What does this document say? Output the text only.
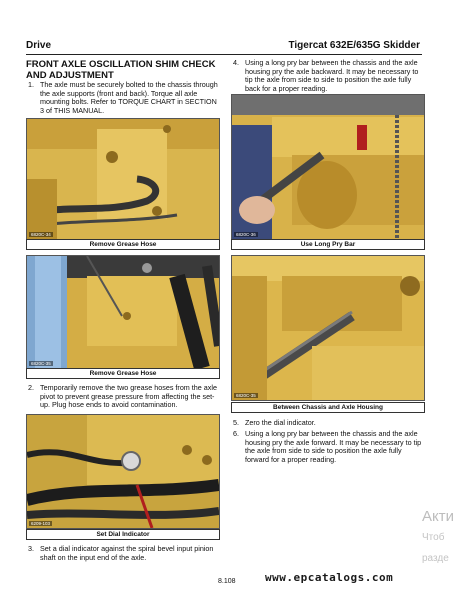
Drive	Tigercat 632E/635G Skidder
FRONT AXLE OSCILLATION SHIM CHECK AND ADJUSTMENT
1. The axle must be securely bolted to the chassis through the axle supports (front and back). Torque all axle mounting bolts. Refer to TORQUE CHART in SECTION 3 of THIS MANUAL.
6820C-34
Remove Grease Hose
6820C-35
Remove Grease Hose
2. Temporarily remove the two grease hoses from the axle pivot to prevent grease pressure from affecting the set-up. Plug hose ends to avoid contamination.
6209-103
Set Dial Indicator
3. Set a dial indicator against the spiral bevel input pinion shaft on the input end of the axle.
4. Using a long pry bar between the chassis and the axle housing pry the axle backward. It may be necessary to tip the axle from side to side to position the axle fully back for a proper reading.
6820C-36
Use Long Pry Bar
6820C-35
Between Chassis and Axle Housing
5. Zero the dial indicator.
6. Using a long pry bar between the chassis and the axle housing pry the axle forward. It may be necessary to tip the axle from side to side to position the axle fully forward for a proper reading.
8.108	www.epcatalogs.com
Акти
Чтоб
разде
